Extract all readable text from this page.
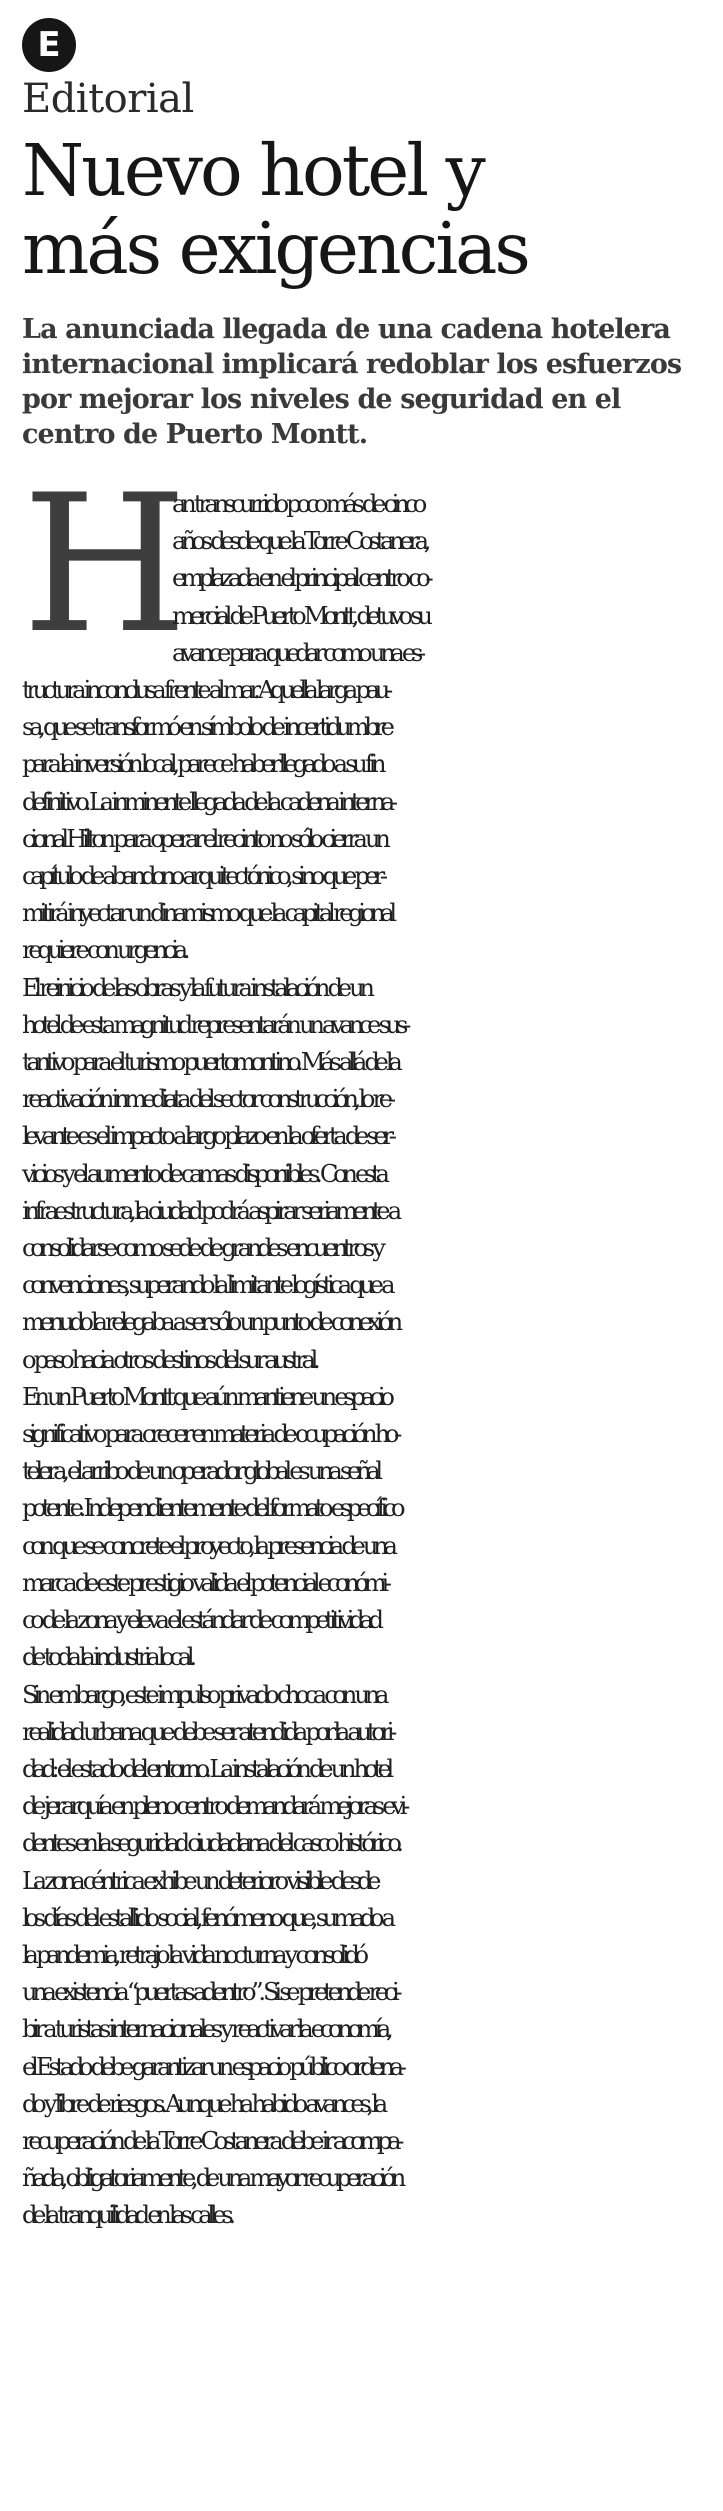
E
Editorial
Nuevo hotel y
más exigencias

La anunciada llegada de una cadena hotelera internacional implicará redoblar los esfuerzos por mejorar los niveles de seguridad en el centro de Puerto Montt.

H

an transcurrido poco más de cinco

años desde que la Torre Costanera,

emplazada en el principal centro co-

mercial de Puerto Montt, detuvo su

avance para quedar como una es-

tructura inconclusa frente al mar. Aquella larga pau-

sa, que se transformó en símbolo de incertidumbre

para la inversión local, parece haber llegado a su fin

definitivo. La inminente llegada de la cadena interna-

cional Hilton para operar el recinto no sólo cierra un

capítulo de abandono arquitectónico, sino que per-

mitirá inyectar un dinamismo que la capital regional

requiere con urgencia.

El reinicio de las obras y la futura instalación de un

hotel de esta magnitud representarán un avance sus-

tantivo para el turismo puertomontino. Más allá de la

reactivación inmediata del sector construcción, lo re-

levante es el impacto a largo plazo en la oferta de ser-

vicios y el aumento de camas disponibles. Con esta

infraestructura, la ciudad podrá aspirar seriamente a

consolidarse como sede de grandes encuentros y

convenciones, superando la limitante logística que a

menudo la relegaba a ser sólo un punto de conexión

o paso hacia otros destinos del sur austral.

En un Puerto Montt que aún mantiene un espacio

significativo para crecer en materia de ocupación ho-

telera, el arribo de un operador global es una señal

potente. Independientemente del formato específico

con que se concrete el proyecto, la presencia de una

marca de este prestigio valida el potencial económi-

co de la zona y eleva el estándar de competitividad

de toda la industria local.

Sin embargo, este impulso privado choca con una

realidad urbana que debe ser atendida por la autori-

dad: el estado del entorno. La instalación de un hotel

de jerarquía en pleno centro demandará mejoras evi-

dentes en la seguridad ciudadana del casco histórico.

La zona céntrica exhibe un deterioro visible desde

los días del estallido social, fenómeno que, sumado a

la pandemia, retrajo la vida nocturna y consolidó

una existencia “puertas adentro”. Si se pretende reci-

bir a turistas internacionales y reactivar la economía,

el Estado debe garantizar un espacio público ordena-

do y libre de riesgos. Aunque ha habido avances, la

recuperación de la Torre Costanera debe ir acompa-

ñada, obligatoriamente, de una mayor recuperación

de la tranquilidad en las calles.
